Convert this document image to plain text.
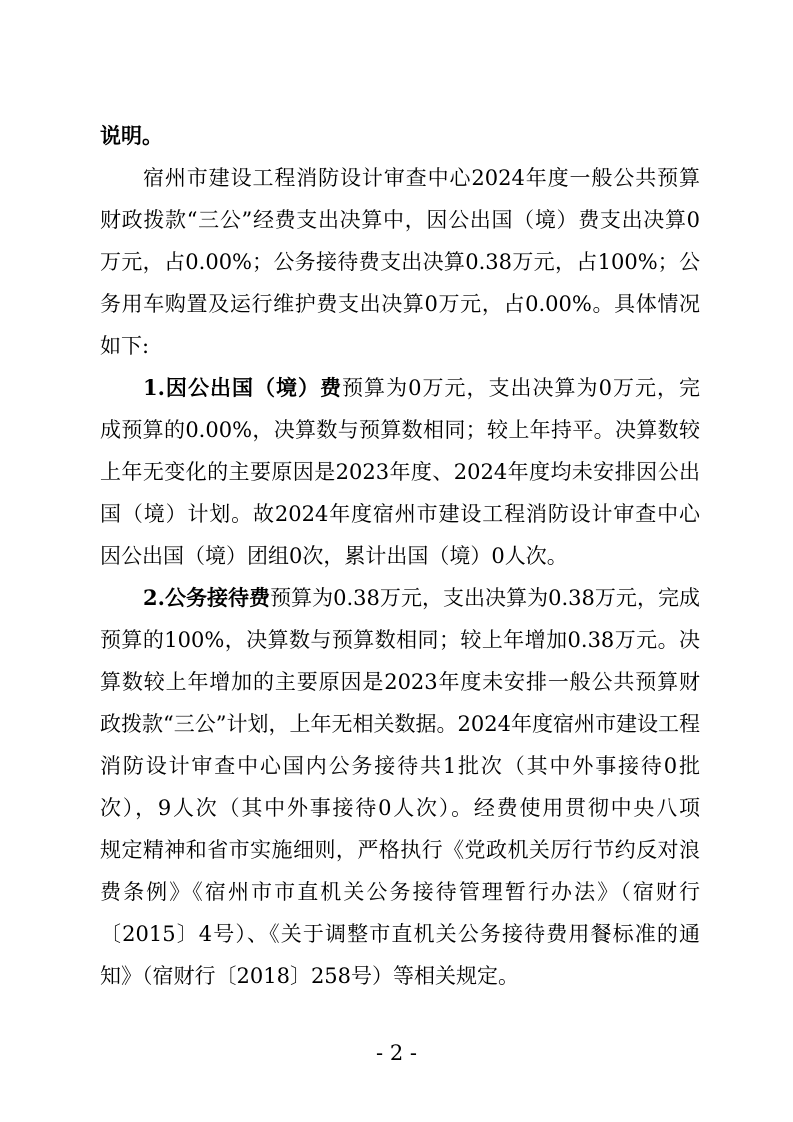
说明。
宿州市建设工程消防设计审查中心2024年度一般公共预算
财政拨款“三公”经费支出决算中，因公出国（境）费支出决算0
万元，占0.00%；公务接待费支出决算0.38万元，占100%；公
务用车购置及运行维护费支出决算0万元，占0.00%。具体情况
如下:
1.因公出国（境）费预算为0万元，支出决算为0万元，完
成预算的0.00%，决算数与预算数相同；较上年持平。决算数较
上年无变化的主要原因是2023年度、2024年度均未安排因公出
国（境）计划。故2024年度宿州市建设工程消防设计审查中心
因公出国（境）团组0次，累计出国（境）0人次。
2.公务接待费预算为0.38万元，支出决算为0.38万元，完成
预算的100%，决算数与预算数相同；较上年增加0.38万元。决
算数较上年增加的主要原因是2023年度未安排一般公共预算财
政拨款“三公”计划，上年无相关数据。2024年度宿州市建设工程
消防设计审查中心国内公务接待共1批次（其中外事接待0批
次），9人次（其中外事接待0人次）。经费使用贯彻中央八项
规定精神和省市实施细则，严格执行《党政机关厉行节约反对浪
费条例》《宿州市市直机关公务接待管理暂行办法》（宿财行
〔2015〕4号）、《关于调整市直机关公务接待费用餐标准的通
知》（宿财行〔2018〕258号）等相关规定。
- 2 -
